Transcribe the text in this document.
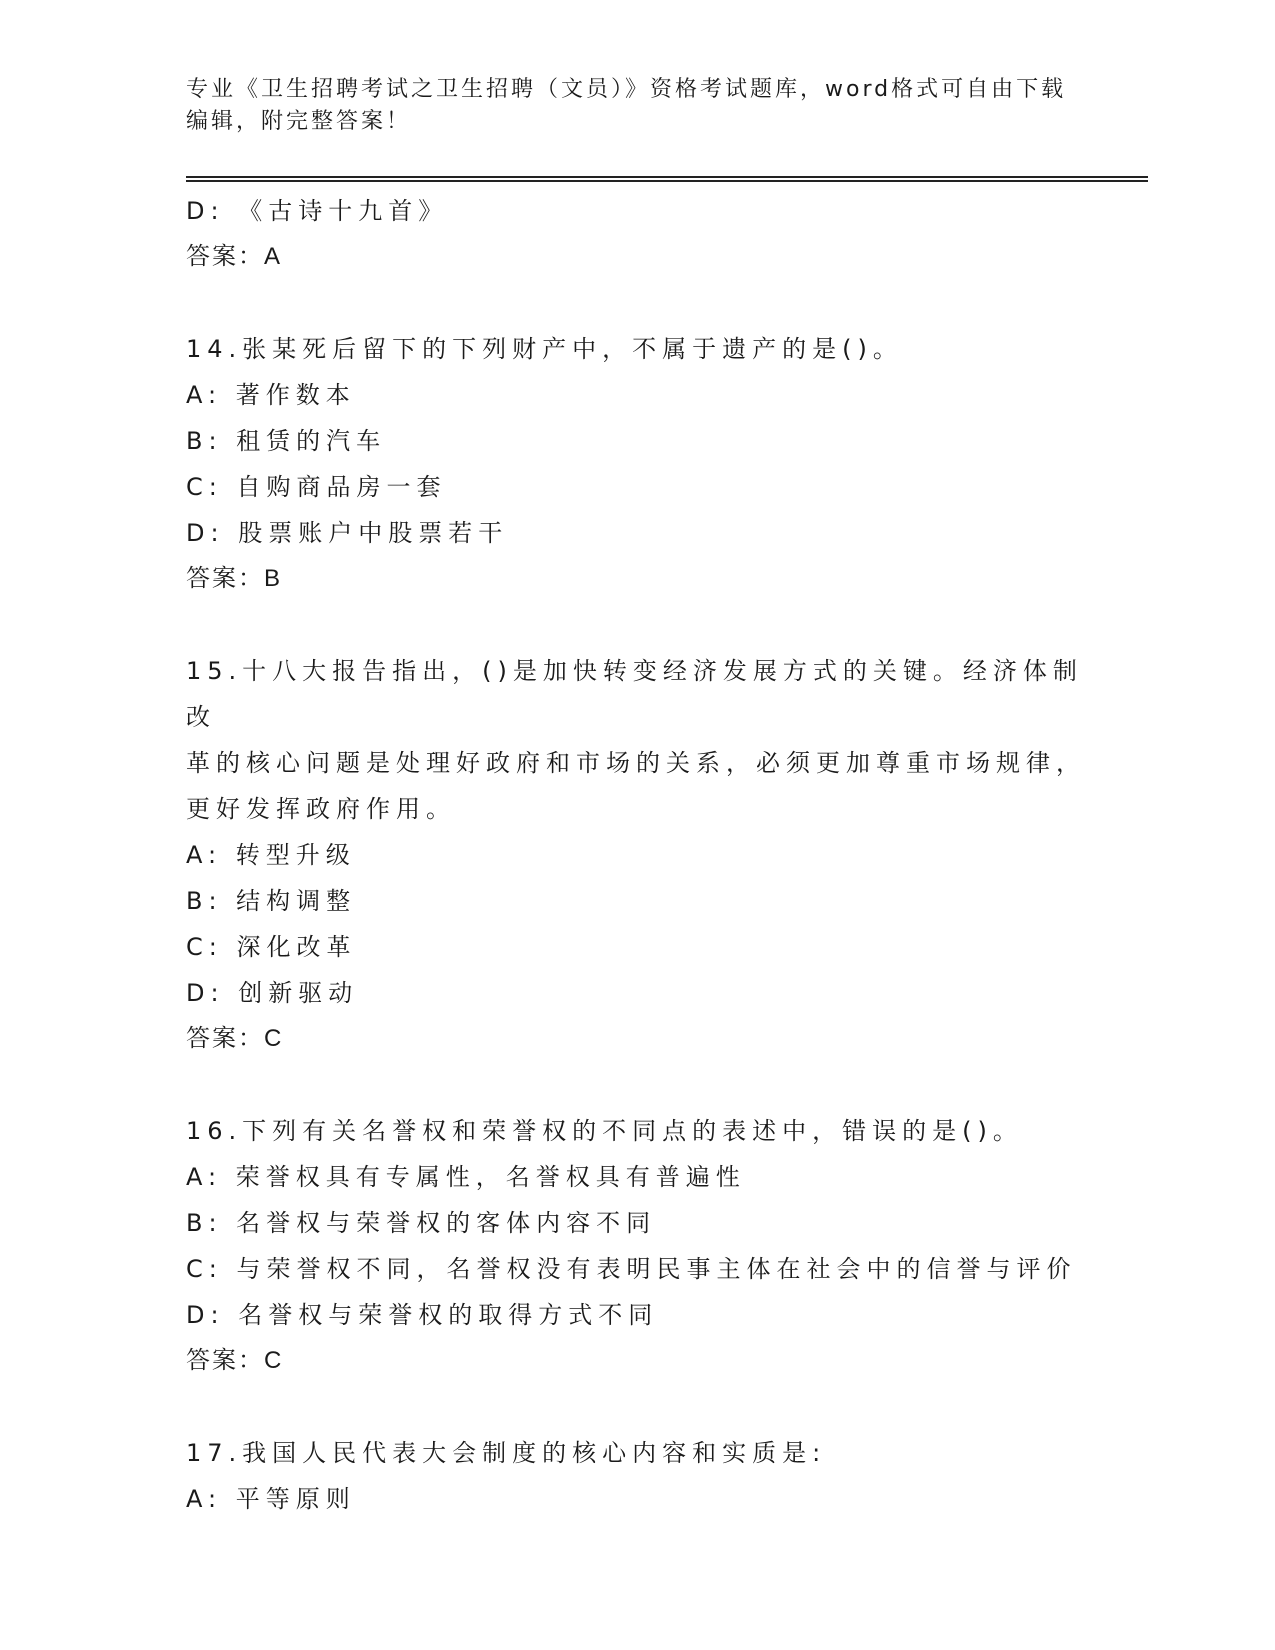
专业《卫生招聘考试之卫生招聘（文员）》资格考试题库，word格式可自由下载
编辑，附完整答案！
D: 《古诗十九首》
答案：A
14.张某死后留下的下列财产中，不属于遗产的是()。
A: 著作数本
B: 租赁的汽车
C: 自购商品房一套
D: 股票账户中股票若干
答案：B
15.十八大报告指出，()是加快转变经济发展方式的关键。经济体制改
革的核心问题是处理好政府和市场的关系，必须更加尊重市场规律，
更好发挥政府作用。
A: 转型升级
B: 结构调整
C: 深化改革
D: 创新驱动
答案：C
16.下列有关名誉权和荣誉权的不同点的表述中，错误的是()。
A: 荣誉权具有专属性，名誉权具有普遍性
B: 名誉权与荣誉权的客体内容不同
C: 与荣誉权不同，名誉权没有表明民事主体在社会中的信誉与评价
D: 名誉权与荣誉权的取得方式不同
答案：C
17.我国人民代表大会制度的核心内容和实质是:
A: 平等原则
